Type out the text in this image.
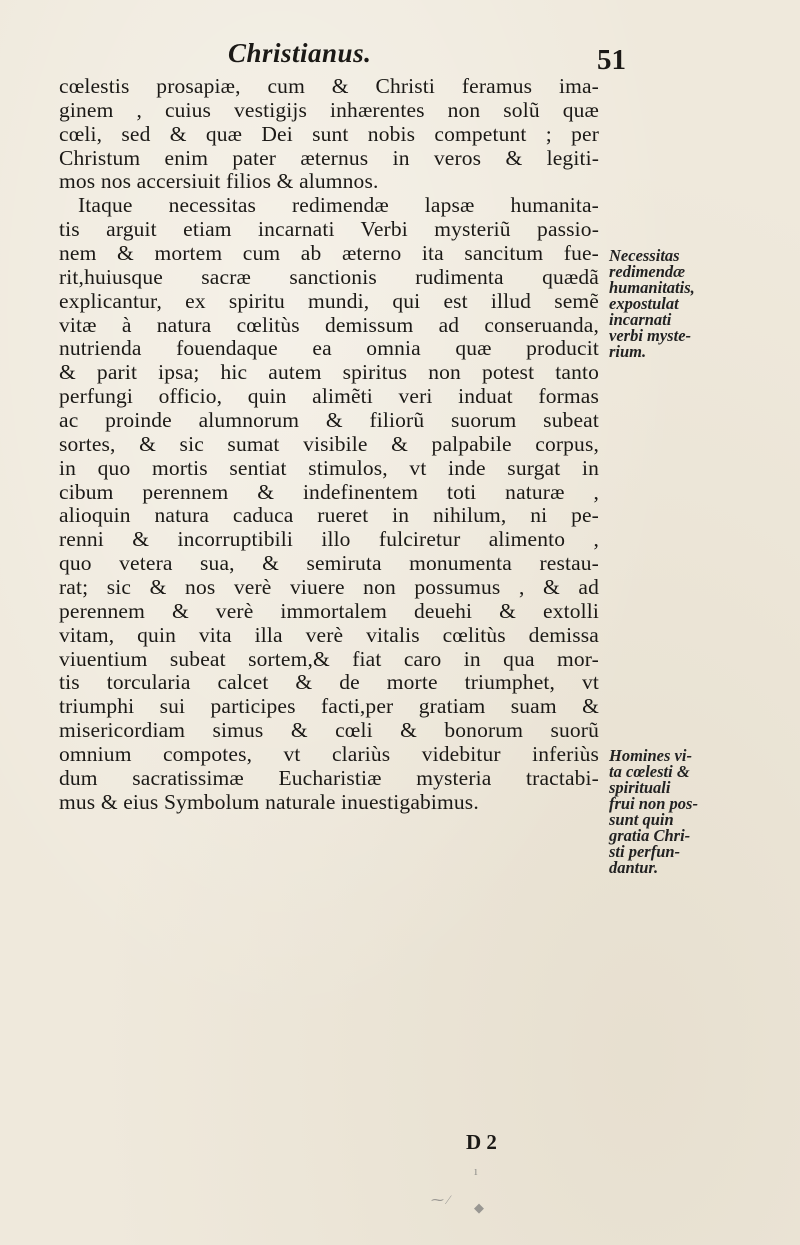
Christianus.	51
cœlestis prosapiæ, cum & Christi feramus ima-
ginem , cuius vestigijs inhærentes non solũ quæ
cœli, sed & quæ Dei sunt nobis competunt ; per
Christum enim pater æternus in veros & legiti-
mos nos accersiuit filios & alumnos.
Itaque necessitas redimendæ lapsæ humanita-
tis arguit etiam incarnati Verbi mysteriũ passio-
nem & mortem cum ab æterno ita sancitum fue-
rit,huiusque sacræ sanctionis rudimenta quædã
explicantur, ex spiritu mundi, qui est illud semẽ
vitæ à natura cœlitùs demissum ad conseruanda,
nutrienda fouendaque ea omnia quæ producit
& parit ipsa; hic autem spiritus non potest tanto
perfungi officio, quin alimẽti veri induat formas
ac proinde alumnorum & filiorũ suorum subeat
sortes, & sic sumat visibile & palpabile corpus,
in quo mortis sentiat stimulos, vt inde surgat in
cibum perennem & indefinentem toti naturæ ,
alioquin natura caduca rueret in nihilum, ni pe-
renni & incorruptibili illo fulciretur alimento ,
quo vetera sua, & semiruta monumenta restau-
rat; sic & nos verè viuere non possumus , & ad
perennem & verè immortalem deuehi & extolli
vitam, quin vita illa verè vitalis cœlitùs demissa
viuentium subeat sortem,& fiat caro in qua mor-
tis torcularia calcet & de morte triumphet, vt
triumphi sui participes facti,per gratiam suam &
misericordiam simus & cœli & bonorum suorũ
omnium compotes, vt clariùs videbitur inferiùs
dum sacratissimæ Eucharistiæ mysteria tractabi-
mus & eius Symbolum naturale inuestigabimus.
Necessitas
redimendæ
humanitatis,
expostulat
incarnati
verbi myste-
rium.
Homines vi-
ta cœlesti &
spirituali
frui non pos-
sunt quin
gratia Chri-
sti perfun-
dantur.
D 2
⁓ ⁄
◆
ı
